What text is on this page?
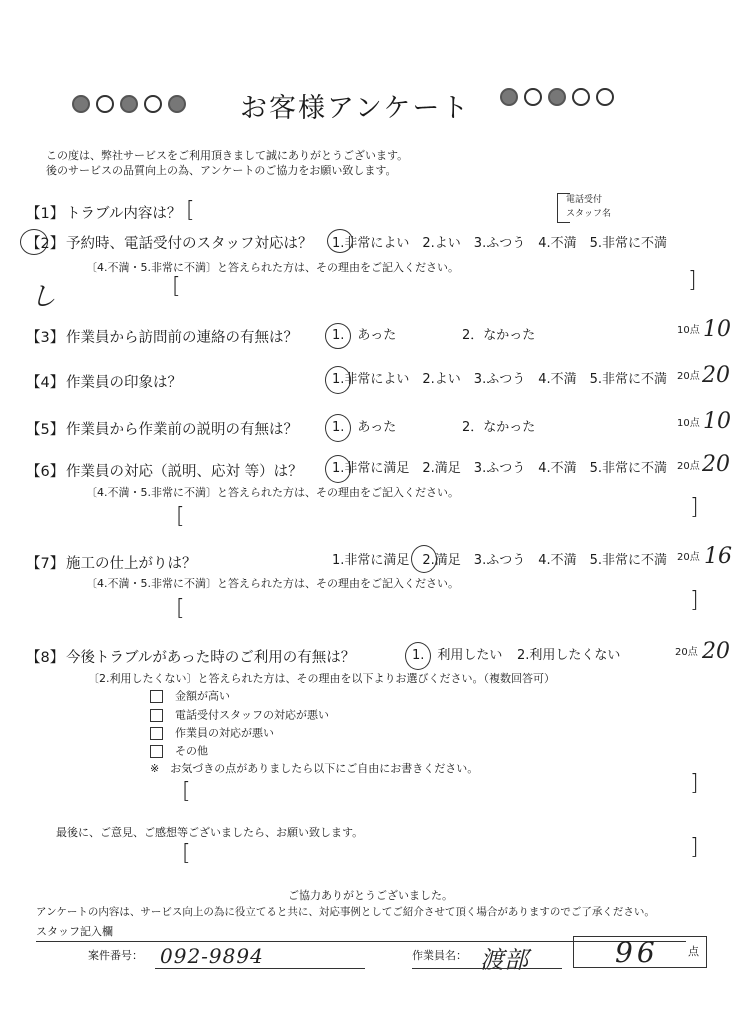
お客様アンケート
この度は、弊社サービスをご利用頂きまして誠にありがとうございます。
後のサービスの品質向上の為、アンケートのご協力をお願い致します。
電話受付
スタッフ名
【1】 トラブル内容は？ [
【2】 予約時、電話受付のスタッフ対応は？ 1.非常によい　2.よい　3.ふつう　4.不満　5.非常に不満
〔4.不満・5.非常に不満〕と答えられた方は、その理由をご記入ください。
し	[	]
【3】 作業員から訪問前の連絡の有無は？	1.　あった	2．なかった	10点 10
【4】 作業員の印象は？	1.非常によい　2.よい　3.ふつう　4.不満　5.非常に不満 20点 20
【5】 作業員から作業前の説明の有無は？	1.　あった	2．なかった	10点 10
【6】 作業員の対応（説明、応対 等）は？ 1.非常に満足　2.満足　3.ふつう　4.不満　5.非常に不満 20点 20
〔4.不満・5.非常に不満〕と答えられた方は、その理由をご記入ください。
[	]
【7】 施工の仕上がりは？	1.非常に満足　2.満足　3.ふつう　4.不満　5.非常に不満 20点 16
〔4.不満・5.非常に不満〕と答えられた方は、その理由をご記入ください。
[	]
【8】 今後トラブルがあった時のご利用の有無は？	1.　利用したい 2.利用したくない	20点 20
〔2.利用したくない〕と答えられた方は、その理由を以下よりお選びください。（複数回答可）
金額が高い
電話受付スタッフの対応が悪い
作業員の対応が悪い
その他
※　お気づきの点がありましたら以下にご自由にお書きください。
[	]
最後に、ご意見、ご感想等ございましたら、お願い致します。
[	]
ご協力ありがとうございました。
アンケートの内容は、サービス向上の為に役立てると共に、対応事例としてご紹介させて頂く場合がありますのでご了承ください。
スタッフ記入欄
案件番号： 092-9894	作業員名： 渡部	96	点
